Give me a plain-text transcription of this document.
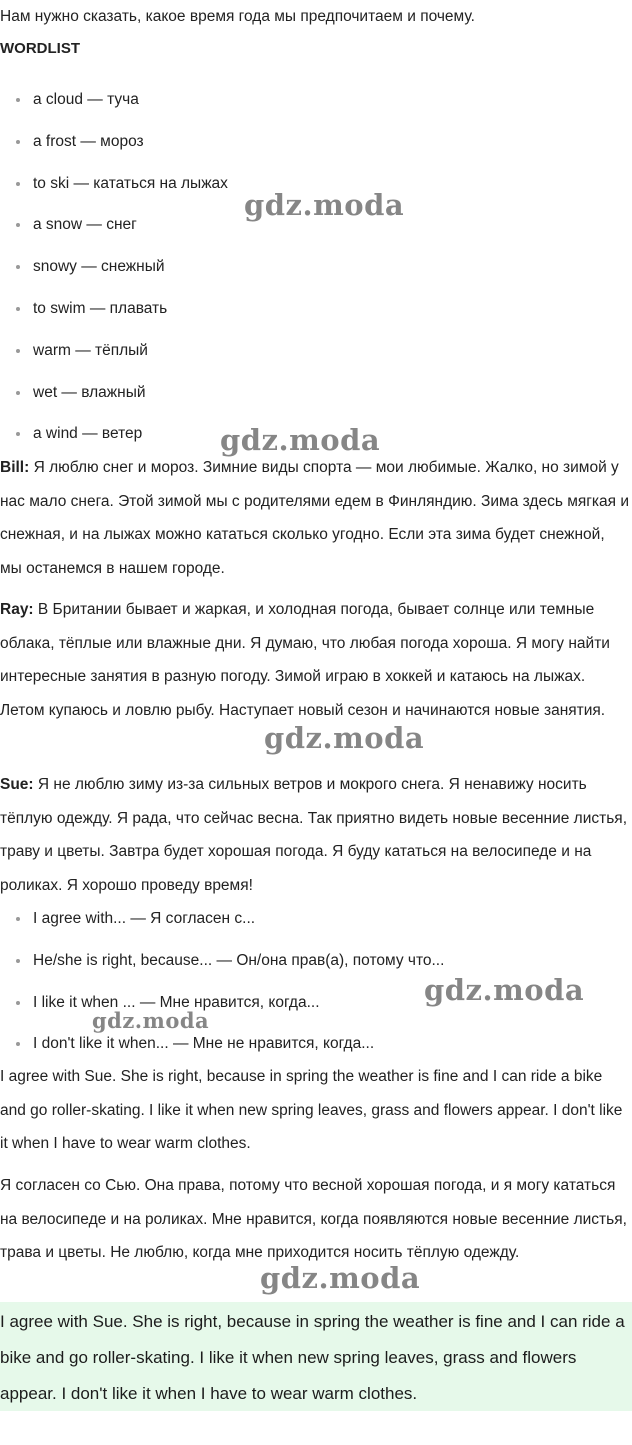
Нам нужно сказать, какое время года мы предпочитаем и почему.
WORDLIST
a cloud — туча
a frost — мороз
to ski — кататься на лыжах
a snow — снег
snowy — снежный
to swim — плавать
warm — тёплый
wet — влажный
a wind — ветер

Bill: Я люблю снег и мороз. Зимние виды спорта — мои любимые. Жалко, но зимой у нас мало снега. Этой зимой мы с родителями едем в Финляндию. Зима здесь мягкая и снежная, и на лыжах можно кататься сколько угодно. Если эта зима будет снежной, мы останемся в нашем городе.

Ray: В Британии бывает и жаркая, и холодная погода, бывает солнце или темные облака, тёплые или влажные дни. Я думаю, что любая погода хороша. Я могу найти интересные занятия в разную погоду. Зимой играю в хоккей и катаюсь на лыжах. Летом купаюсь и ловлю рыбу. Наступает новый сезон и начинаются новые занятия.

Sue: Я не люблю зиму из-за сильных ветров и мокрого снега. Я ненавижу носить тёплую одежду. Я рада, что сейчас весна. Так приятно видеть новые весенние листья, траву и цветы. Завтра будет хорошая погода. Я буду кататься на велосипеде и на роликах. Я хорошо проведу время!

I agree with... — Я согласен с...
He/she is right, because... — Он/она прав(а), потому что...
I like it when ... — Мне нравится, когда...
I don't like it when... — Мне не нравится, когда...

I agree with Sue. She is right, because in spring the weather is fine and I can ride a bike and go roller-skating. I like it when new spring leaves, grass and flowers appear. I don't like it when I have to wear warm clothes.

Я согласен со Сью. Она права, потому что весной хорошая погода, и я могу кататься на велосипеде и на роликах. Мне нравится, когда появляются новые весенние листья, трава и цветы. Не люблю, когда мне приходится носить тёплую одежду.

I agree with Sue. She is right, because in spring the weather is fine and I can ride a bike and go roller-skating. I like it when new spring leaves, grass and flowers appear. I don't like it when I have to wear warm clothes.
gdz.moda
gdz.moda
gdz.moda
gdz.moda
gdz.moda
gdz.moda
